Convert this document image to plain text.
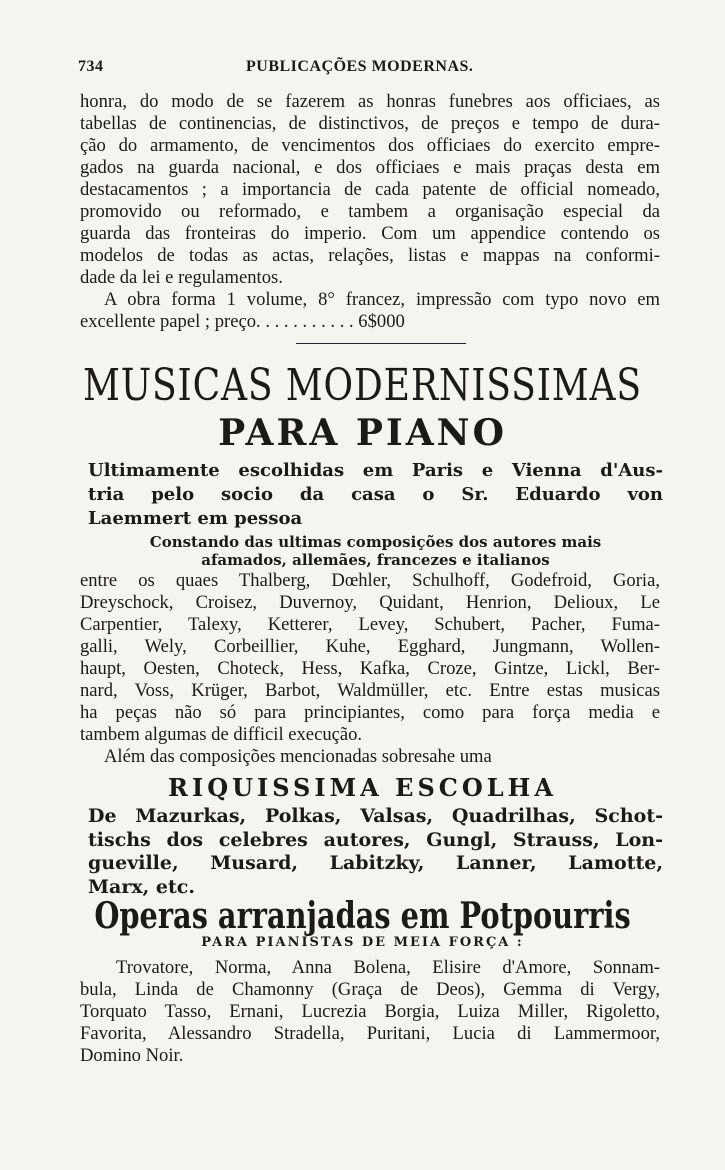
734	PUBLICAÇÕES MODERNAS.
honra, do modo de se fazerem as honras funebres aos officiaes, as
tabellas de continencias, de distinctivos, de preços e tempo de dura-
ção do armamento, de vencimentos dos officiaes do exercito empre-
gados na guarda nacional, e dos officiaes e mais praças desta em
destacamentos ; a importancia de cada patente de official nomeado,
promovido ou reformado, e tambem a organisação especial da
guarda das fronteiras do imperio. Com um appendice contendo os
modelos de todas as actas, relações, listas e mappas na conformi-
dade da lei e regulamentos.
A obra forma 1 volume, 8° francez, impressão com typo novo em
excellente papel ; preço. . . . . . . . . . . 6$000
MUSICAS MODERNISSIMAS
PARA PIANO
Ultimamente escolhidas em Paris e Vienna d'Aus-
tria pelo socio da casa o Sr. Eduardo von
Laemmert em pessoa
Constando das ultimas composições dos autores mais
afamados, allemães, francezes e italianos
entre os quaes Thalberg, Dœhler, Schulhoff, Godefroid, Goria,
Dreyschock, Croisez, Duvernoy, Quidant, Henrion, Delioux, Le
Carpentier, Talexy, Ketterer, Levey, Schubert, Pacher, Fuma-
galli, Wely, Corbeillier, Kuhe, Egghard, Jungmann, Wollen-
haupt, Oesten, Choteck, Hess, Kafka, Croze, Gintze, Lickl, Ber-
nard, Voss, Krüger, Barbot, Waldmüller, etc. Entre estas musicas
ha peças não só para principiantes, como para força media e
tambem algumas de difficil execução.
Além das composições mencionadas sobresahe uma
RIQUISSIMA ESCOLHA
De Mazurkas, Polkas, Valsas, Quadrilhas, Schot-
tischs dos celebres autores, Gungl, Strauss, Lon-
gueville, Musard, Labitzky, Lanner, Lamotte,
Marx, etc.
Operas arranjadas em Potpourris
PARA PIANISTAS DE MEIA FORÇA :
Trovatore, Norma, Anna Bolena, Elisire d'Amore, Sonnam-
bula, Linda de Chamonny (Graça de Deos), Gemma di Vergy,
Torquato Tasso, Ernani, Lucrezia Borgia, Luiza Miller, Rigoletto,
Favorita, Alessandro Stradella, Puritani, Lucia di Lammermoor,
Domino Noir.
